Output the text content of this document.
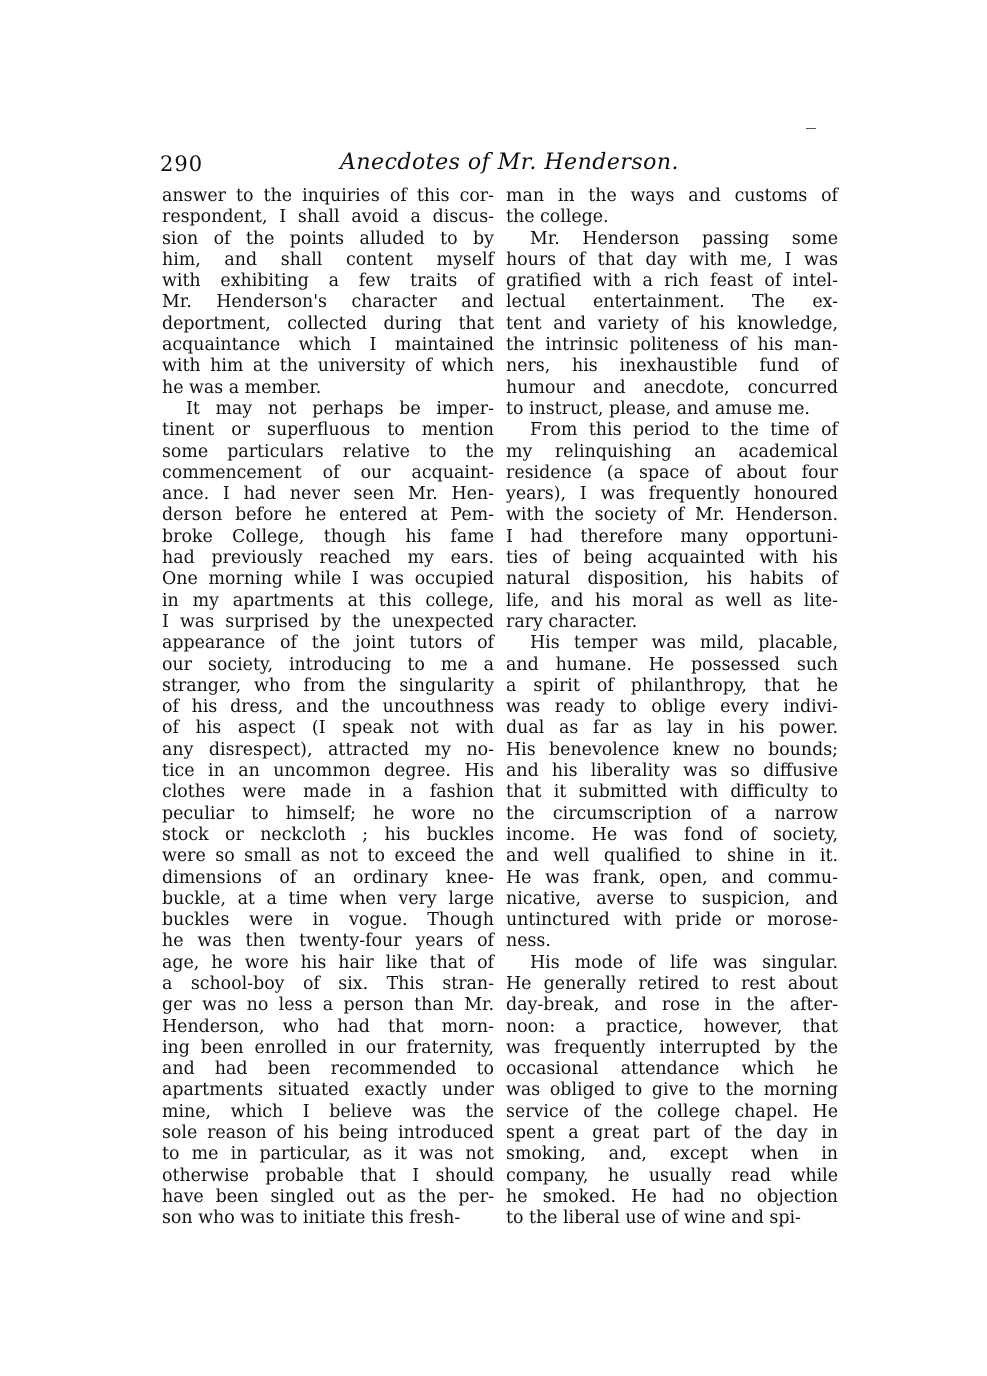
290	Anecdotes of Mr. Henderson.
answer to the inquiries of this cor-
respondent, I shall avoid a discus-
sion of the points alluded to by
him, and shall content myself
with exhibiting a few traits of
Mr. Henderson's character and
deportment, collected during that
acquaintance which I maintained
with him at the university of which
he was a member.
It may not perhaps be imper-
tinent or superfluous to mention
some particulars relative to the
commencement of our acquaint-
ance. I had never seen Mr. Hen-
derson before he entered at Pem-
broke College, though his fame
had previously reached my ears.
One morning while I was occupied
in my apartments at this college,
I was surprised by the unexpected
appearance of the joint tutors of
our society, introducing to me a
stranger, who from the singularity
of his dress, and the uncouthness
of his aspect (I speak not with
any disrespect), attracted my no-
tice in an uncommon degree. His
clothes were made in a fashion
peculiar to himself; he wore no
stock or neckcloth ; his buckles
were so small as not to exceed the
dimensions of an ordinary knee-
buckle, at a time when very large
buckles were in vogue. Though
he was then twenty-four years of
age, he wore his hair like that of
a school-boy of six. This stran-
ger was no less a person than Mr.
Henderson, who had that morn-
ing been enrolled in our fraternity,
and had been recommended to
apartments situated exactly under
mine, which I believe was the
sole reason of his being introduced
to me in particular, as it was not
otherwise probable that I should
have been singled out as the per-
son who was to initiate this fresh-
man in the ways and customs of
the college.
Mr. Henderson passing some
hours of that day with me, I was
gratified with a rich feast of intel-
lectual entertainment. The ex-
tent and variety of his knowledge,
the intrinsic politeness of his man-
ners, his inexhaustible fund of
humour and anecdote, concurred
to instruct, please, and amuse me.
From this period to the time of
my relinquishing an academical
residence (a space of about four
years), I was frequently honoured
with the society of Mr. Henderson.
I had therefore many opportuni-
ties of being acquainted with his
natural disposition, his habits of
life, and his moral as well as lite-
rary character.
His temper was mild, placable,
and humane. He possessed such
a spirit of philanthropy, that he
was ready to oblige every indivi-
dual as far as lay in his power.
His benevolence knew no bounds;
and his liberality was so diffusive
that it submitted with difficulty to
the circumscription of a narrow
income. He was fond of society,
and well qualified to shine in it.
He was frank, open, and commu-
nicative, averse to suspicion, and
untinctured with pride or morose-
ness.
His mode of life was singular.
He generally retired to rest about
day-break, and rose in the after-
noon: a practice, however, that
was frequently interrupted by the
occasional attendance which he
was obliged to give to the morning
service of the college chapel. He
spent a great part of the day in
smoking, and, except when in
company, he usually read while
he smoked. He had no objection
to the liberal use of wine and spi-
